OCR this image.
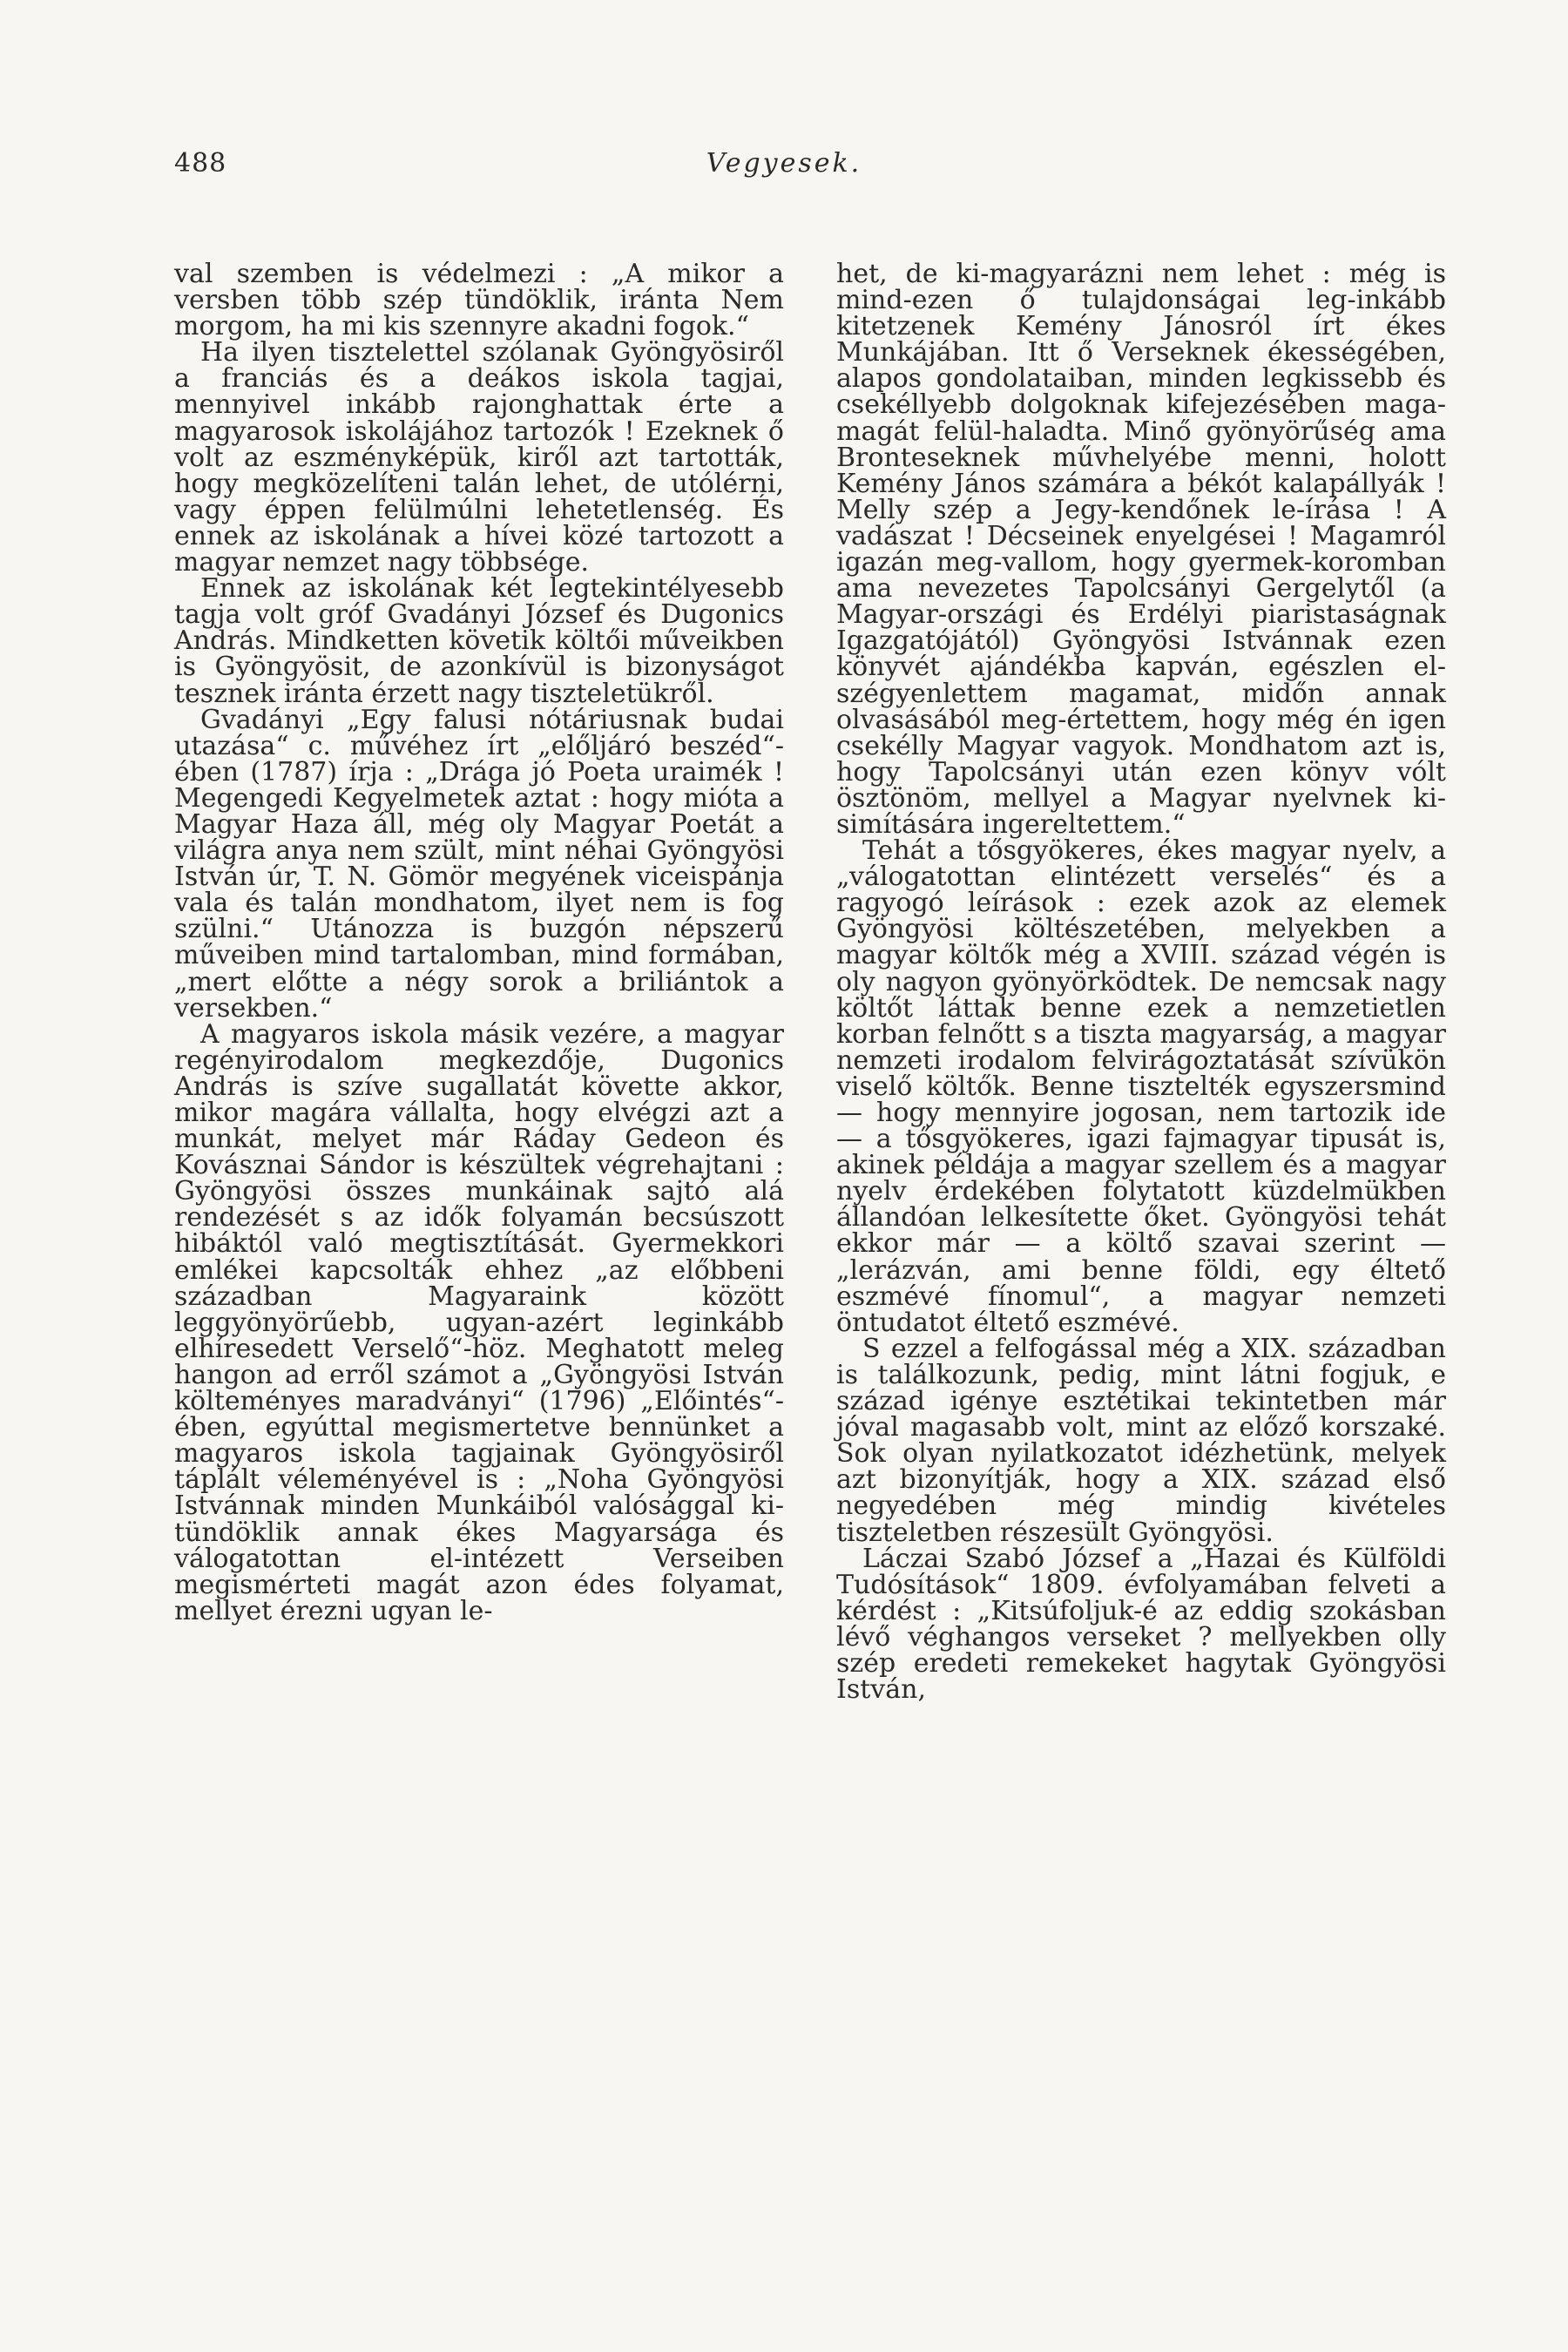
488	Vegyesek.

val szemben is védelmezi : „A mikor a versben több szép tündöklik, iránta Nem morgom, ha mi kis szennyre akadni fogok.“

Ha ilyen tisztelettel szólanak Gyöngyösiről a franciás és a deákos iskola tagjai, mennyivel inkább rajonghattak érte a magyarosok iskolájához tartozók ! Ezeknek ő volt az eszményképük, kiről azt tartották, hogy megközelíteni talán lehet, de utólérni, vagy éppen felülmúlni lehetetlenség. És ennek az iskolának a hívei közé tartozott a magyar nemzet nagy többsége.

Ennek az iskolának két legtekintélyesebb tagja volt gróf Gvadányi József és Dugonics András. Mindketten követik költői műveikben is Gyöngyösit, de azonkívül is bizonyságot tesznek iránta érzett nagy tiszteletükről.

Gvadányi „Egy falusi nótáriusnak budai utazása“ c. művéhez írt „előljáró beszéd“-ében (1787) írja : „Drága jó Poeta uraimék ! Megengedi Kegyelmetek aztat : hogy mióta a Magyar Haza áll, még oly Magyar Poetát a világra anya nem szült, mint néhai Gyöngyösi István úr, T. N. Gömör megyének viceispánja vala és talán mondhatom, ilyet nem is fog szülni.“ Utánozza is buzgón népszerű műveiben mind tartalomban, mind formában, „mert előtte a négy sorok a briliántok a versekben.“

A magyaros iskola másik vezére, a magyar regényirodalom megkezdője, Dugonics András is szíve sugallatát követte akkor, mikor magára vállalta, hogy elvégzi azt a munkát, melyet már Ráday Gedeon és Kovásznai Sándor is készültek végrehajtani : Gyöngyösi összes munkáinak sajtó alá rendezését s az idők folyamán becsúszott hibáktól való megtisztítását. Gyermekkori emlékei kapcsolták ehhez „az előbbeni században Magyaraink között leggyönyörűebb, ugyan-azért leginkább elhíresedett Verselő“-höz. Meghatott meleg hangon ad erről számot a „Gyöngyösi István költeményes maradványi“ (1796) „Előintés“-ében, egyúttal megismertetve bennünket a magyaros iskola tagjainak Gyöngyösiről táplált véleményével is : „Noha Gyöngyösi Istvánnak minden Munkáiból valósággal ki-tündöklik annak ékes Magyarsága és válogatottan el-intézett Verseiben megismérteti magát azon édes folyamat, mellyet érezni ugyan le-

het, de ki-magyarázni nem lehet : még is mind-ezen ő tulajdonságai leg-inkább kitetzenek Kemény Jánosról írt ékes Munkájában. Itt ő Verseknek ékességében, alapos gondolataiban, minden legkissebb és csekéllyebb dolgoknak kifejezésében maga-magát felül-haladta. Minő gyönyörűség ama Bronteseknek művhelyébe menni, holott Kemény János számára a békót kalapállyák ! Melly szép a Jegy-kendőnek le-írása ! A vadászat ! Décseinek enyelgései ! Magamról igazán meg-vallom, hogy gyermek-koromban ama nevezetes Tapolcsányi Gergelytől (a Magyar-országi és Erdélyi piaristaságnak Igazgatójától) Gyöngyösi Istvánnak ezen könyvét ajándékba kapván, egészlen el-szégyenlettem magamat, midőn annak olvasásából meg-értettem, hogy még én igen csekélly Magyar vagyok. Mondhatom azt is, hogy Tapolcsányi után ezen könyv vólt ösztönöm, mellyel a Magyar nyelvnek ki-simítására ingereltettem.“

Tehát a tősgyökeres, ékes magyar nyelv, a „válogatottan elintézett verselés“ és a ragyogó leírások : ezek azok az elemek Gyöngyösi költészetében, melyekben a magyar költők még a XVIII. század végén is oly nagyon gyönyörködtek. De nemcsak nagy költőt láttak benne ezek a nemzetietlen korban felnőtt s a tiszta magyarság, a magyar nemzeti irodalom felvirágoztatását szívükön viselő költők. Benne tisztelték egyszersmind — hogy mennyire jogosan, nem tartozik ide — a tősgyökeres, igazi fajmagyar tipusát is, akinek példája a magyar szellem és a magyar nyelv érdekében folytatott küzdelmükben állandóan lelkesítette őket. Gyöngyösi tehát ekkor már — a költő szavai szerint — „lerázván, ami benne földi, egy éltető eszmévé fínomul“, a magyar nemzeti öntudatot éltető eszmévé.

S ezzel a felfogással még a XIX. században is találkozunk, pedig, mint látni fogjuk, e század igénye esztétikai tekintetben már jóval magasabb volt, mint az előző korszaké. Sok olyan nyilatkozatot idézhetünk, melyek azt bizonyítják, hogy a XIX. század első negyedében még mindig kivételes tiszteletben részesült Gyöngyösi.

Láczai Szabó József a „Hazai és Külföldi Tudósítások“ 1809. évfolyamában felveti a kérdést : „Kitsúfoljuk-é az eddig szokásban lévő véghangos verseket ? mellyekben olly szép eredeti remekeket hagytak Gyöngyösi István,
